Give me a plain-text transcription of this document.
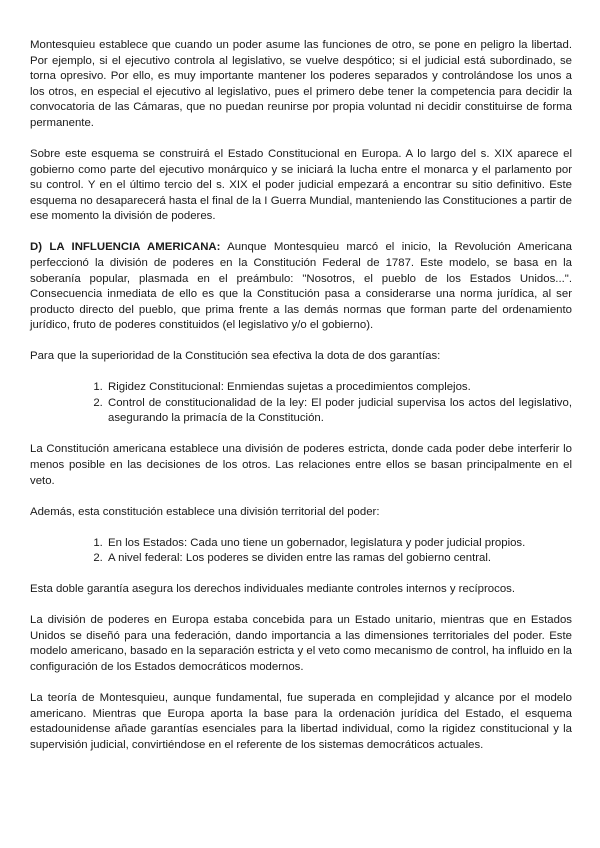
Montesquieu establece que cuando un poder asume las funciones de otro, se pone en peligro la libertad. Por ejemplo, si el ejecutivo controla al legislativo, se vuelve despótico; si el judicial está subordinado, se torna opresivo. Por ello, es muy importante mantener los poderes separados y controlándose los unos a los otros, en especial el ejecutivo al legislativo, pues el primero debe tener la competencia para decidir la convocatoria de las Cámaras, que no puedan reunirse por propia voluntad ni decidir constituirse de forma permanente.

Sobre este esquema se construirá el Estado Constitucional en Europa. A lo largo del s. XIX aparece el gobierno como parte del ejecutivo monárquico y se iniciará la lucha entre el monarca y el parlamento por su control. Y en el último tercio del s. XIX el poder judicial empezará a encontrar su sitio definitivo. Este esquema no desaparecerá hasta el final de la I Guerra Mundial, manteniendo las Constituciones a partir de ese momento la división de poderes.

D) LA INFLUENCIA AMERICANA: Aunque Montesquieu marcó el inicio, la Revolución Americana perfeccionó la división de poderes en la Constitución Federal de 1787. Este modelo, se basa en la soberanía popular, plasmada en el preámbulo: "Nosotros, el pueblo de los Estados Unidos...". Consecuencia inmediata de ello es que la Constitución pasa a considerarse una norma jurídica, al ser producto directo del pueblo, que prima frente a las demás normas que forman parte del ordenamiento jurídico, fruto de poderes constituidos (el legislativo y/o el gobierno).

Para que la superioridad de la Constitución sea efectiva la dota de dos garantías:

1. Rigidez Constitucional: Enmiendas sujetas a procedimientos complejos.
2. Control de constitucionalidad de la ley: El poder judicial supervisa los actos del legislativo, asegurando la primacía de la Constitución.

La Constitución americana establece una división de poderes estricta, donde cada poder debe interferir lo menos posible en las decisiones de los otros. Las relaciones entre ellos se basan principalmente en el veto.

Además, esta constitución establece una división territorial del poder:

1. En los Estados: Cada uno tiene un gobernador, legislatura y poder judicial propios.
2. A nivel federal: Los poderes se dividen entre las ramas del gobierno central.

Esta doble garantía asegura los derechos individuales mediante controles internos y recíprocos.

La división de poderes en Europa estaba concebida para un Estado unitario, mientras que en Estados Unidos se diseñó para una federación, dando importancia a las dimensiones territoriales del poder. Este modelo americano, basado en la separación estricta y el veto como mecanismo de control, ha influido en la configuración de los Estados democráticos modernos.

La teoría de Montesquieu, aunque fundamental, fue superada en complejidad y alcance por el modelo americano. Mientras que Europa aporta la base para la ordenación jurídica del Estado, el esquema estadounidense añade garantías esenciales para la libertad individual, como la rigidez constitucional y la supervisión judicial, convirtiéndose en el referente de los sistemas democráticos actuales.
